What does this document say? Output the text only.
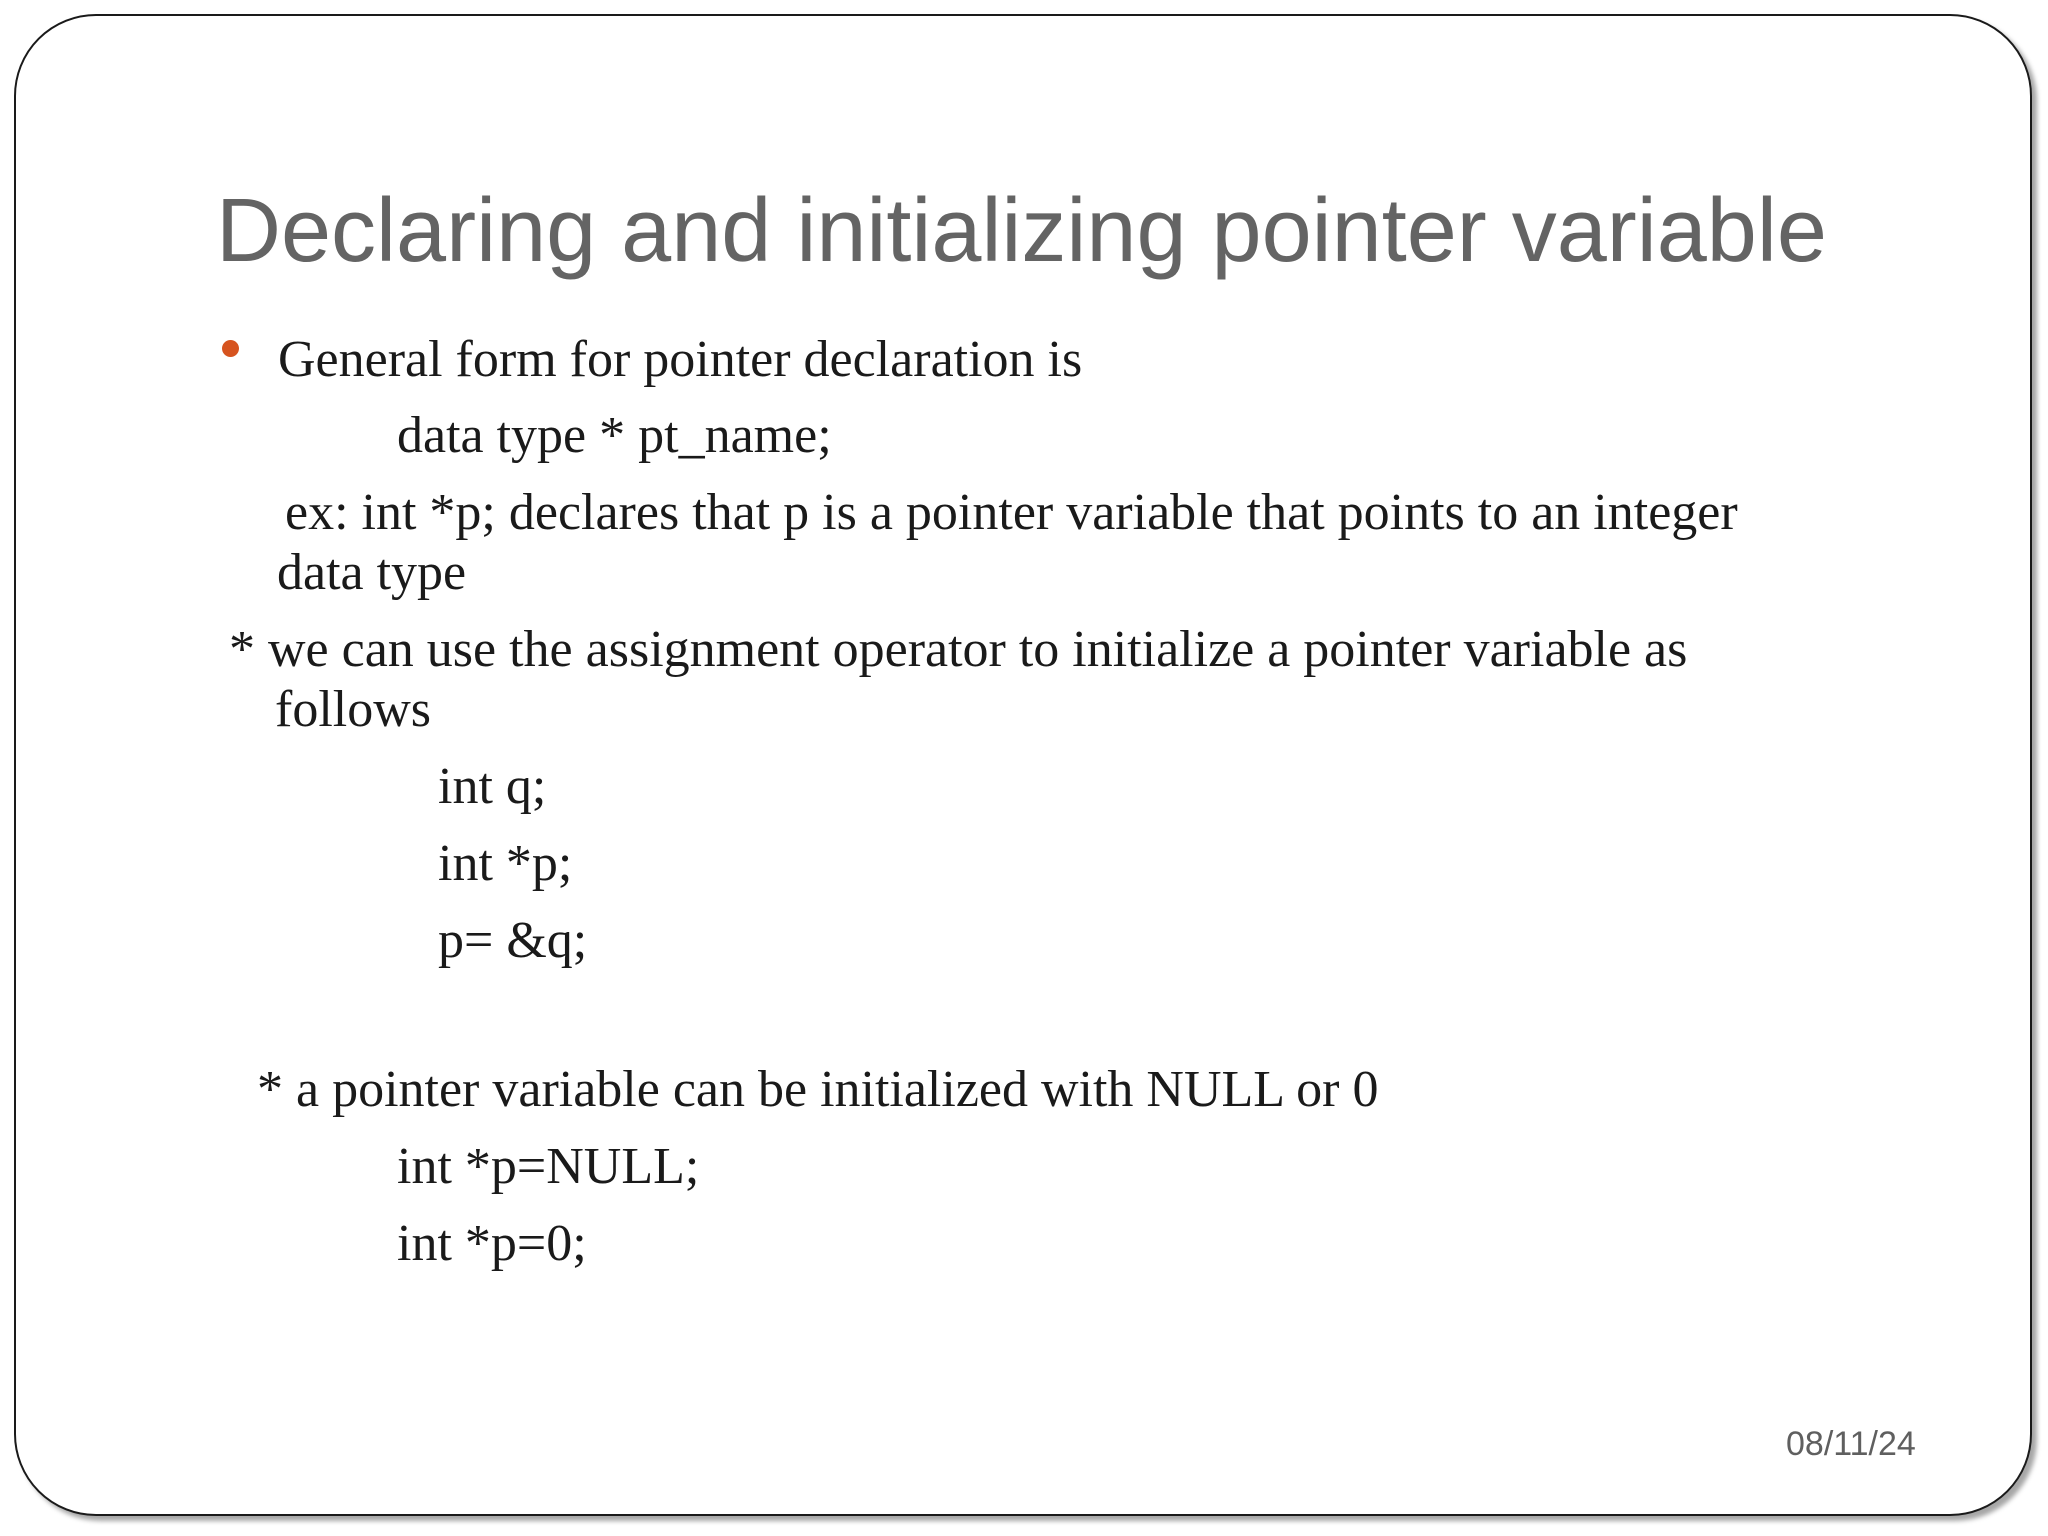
Declaring and initializing pointer variable
General form for pointer declaration is
data type * pt_name;
ex: int *p; declares that p is a pointer variable that points to an integer
data type
* we can use the assignment operator to initialize a pointer variable as
follows
int q;
int *p;
p= &q;
* a pointer variable can be initialized with NULL or 0
int *p=NULL;
int *p=0;
08/11/24
